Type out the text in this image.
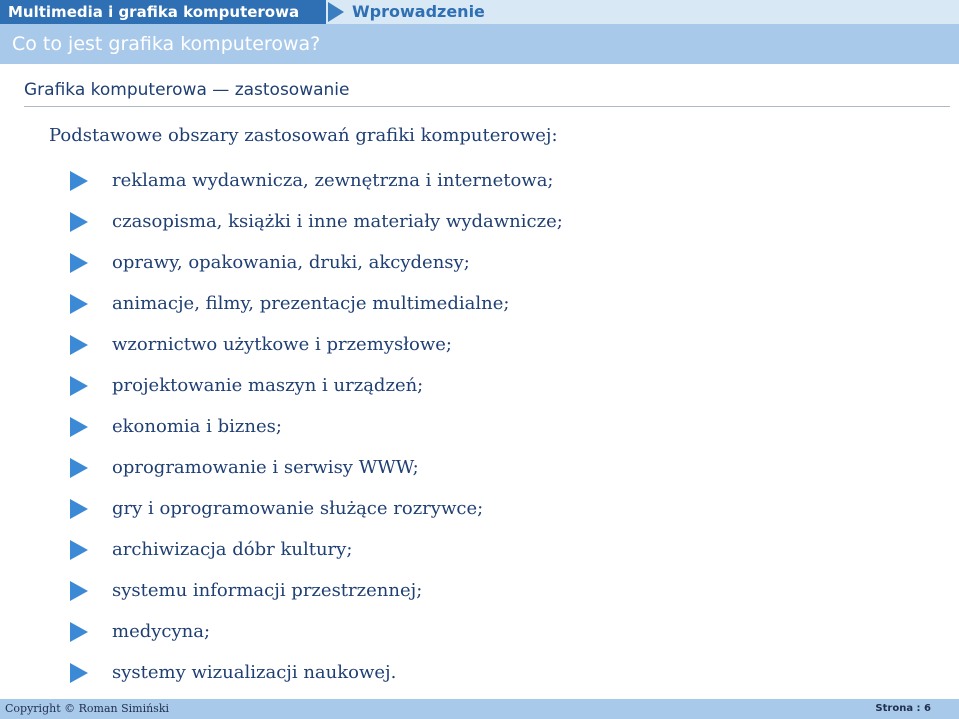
Multimedia i grafika komputerowa	Wprowadzenie
Co to jest grafika komputerowa?
Grafika komputerowa — zastosowanie
Podstawowe obszary zastosowań grafiki komputerowej:
reklama wydawnicza, zewnętrzna i internetowa;
czasopisma, książki i inne materiały wydawnicze;
oprawy, opakowania, druki, akcydensy;
animacje, filmy, prezentacje multimedialne;
wzornictwo użytkowe i przemysłowe;
projektowanie maszyn i urządzeń;
ekonomia i biznes;
oprogramowanie i serwisy WWW;
gry i oprogramowanie służące rozrywce;
archiwizacja dóbr kultury;
systemu informacji przestrzennej;
medycyna;
systemy wizualizacji naukowej.
Copyright © Roman Simiński	Strona : 6
